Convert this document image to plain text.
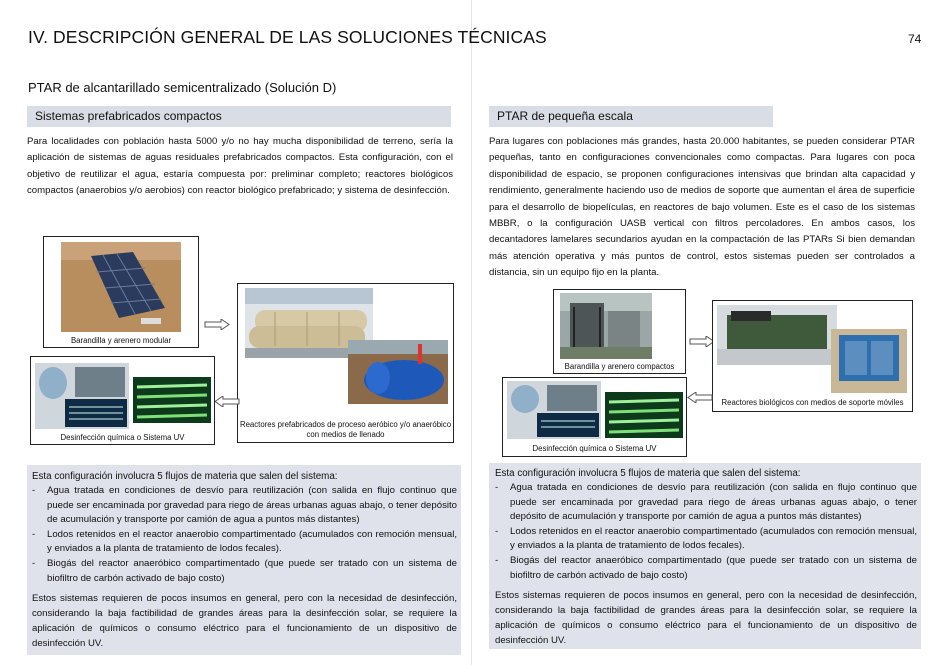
IV. DESCRIPCIÓN GENERAL DE LAS SOLUCIONES TÉCNICAS	74
PTAR de alcantarillado semicentralizado (Solución D)
Sistemas prefabricados compactos
Para localidades con población hasta 5000 y/o no hay mucha disponibilidad de terreno, sería la aplicación de sistemas de aguas residuales prefabricados compactos. Esta configuración, con el objetivo de reutilizar el agua, estaría compuesta por: preliminar completo; reactores biológicos compactos (anaerobios y/o aerobios) con reactor biológico prefabricado; y sistema de desinfección.
Barandilla y arenero modular
Reactores prefabricados de proceso aeróbico y/o anaeróbico con medios de llenado
Desinfección química o Sistema UV
Esta configuración involucra 5 flujos de materia que salen del sistema:
- Agua tratada en condiciones de desvío para reutilización (con salida en flujo continuo que puede ser encaminada por gravedad para riego de áreas urbanas aguas abajo, o tener depósito de acumulación y transporte por camión de agua a puntos más distantes)
- Lodos retenidos en el reactor anaerobio compartimentado (acumulados con remoción mensual, y enviados a la planta de tratamiento de lodos fecales).
- Biogás del reactor anaeróbico compartimentado (que puede ser tratado con un sistema de biofiltro de carbón activado de bajo costo)
Estos sistemas requieren de pocos insumos en general, pero con la necesidad de desinfección, considerando la baja factibilidad de grandes áreas para la desinfección solar, se requiere la aplicación de químicos o consumo eléctrico para el funcionamiento de un dispositivo de desinfección UV.
PTAR de pequeña escala
Para lugares con poblaciones más grandes, hasta 20.000 habitantes, se pueden considerar PTAR pequeñas, tanto en configuraciones convencionales como compactas. Para lugares con poca disponibilidad de espacio, se proponen configuraciones intensivas que brindan alta capacidad y rendimiento, generalmente haciendo uso de medios de soporte que aumentan el área de superficie para el desarrollo de biopelículas, en reactores de bajo volumen. Este es el caso de los sistemas MBBR, o la configuración UASB vertical con filtros percoladores. En ambos casos, los decantadores lamelares secundarios ayudan en la compactación de las PTARs Si bien demandan más atención operativa y más puntos de control, estos sistemas pueden ser controlados a distancia, sin un equipo fijo en la planta.
Barandilla y arenero compactos
Reactores biológicos con medios de soporte móviles
Desinfección química o Sistema UV
Esta configuración involucra 5 flujos de materia que salen del sistema:
- Agua tratada en condiciones de desvío para reutilización (con salida en flujo continuo que puede ser encaminada por gravedad para riego de áreas urbanas aguas abajo, o tener depósito de acumulación y transporte por camión de agua a puntos más distantes)
- Lodos retenidos en el reactor anaerobio compartimentado (acumulados con remoción mensual, y enviados a la planta de tratamiento de lodos fecales).
- Biogás del reactor anaeróbico compartimentado (que puede ser tratado con un sistema de biofiltro de carbón activado de bajo costo)
Estos sistemas requieren de pocos insumos en general, pero con la necesidad de desinfección, considerando la baja factibilidad de grandes áreas para la desinfección solar, se requiere la aplicación de químicos o consumo eléctrico para el funcionamiento de un dispositivo de desinfección UV.
